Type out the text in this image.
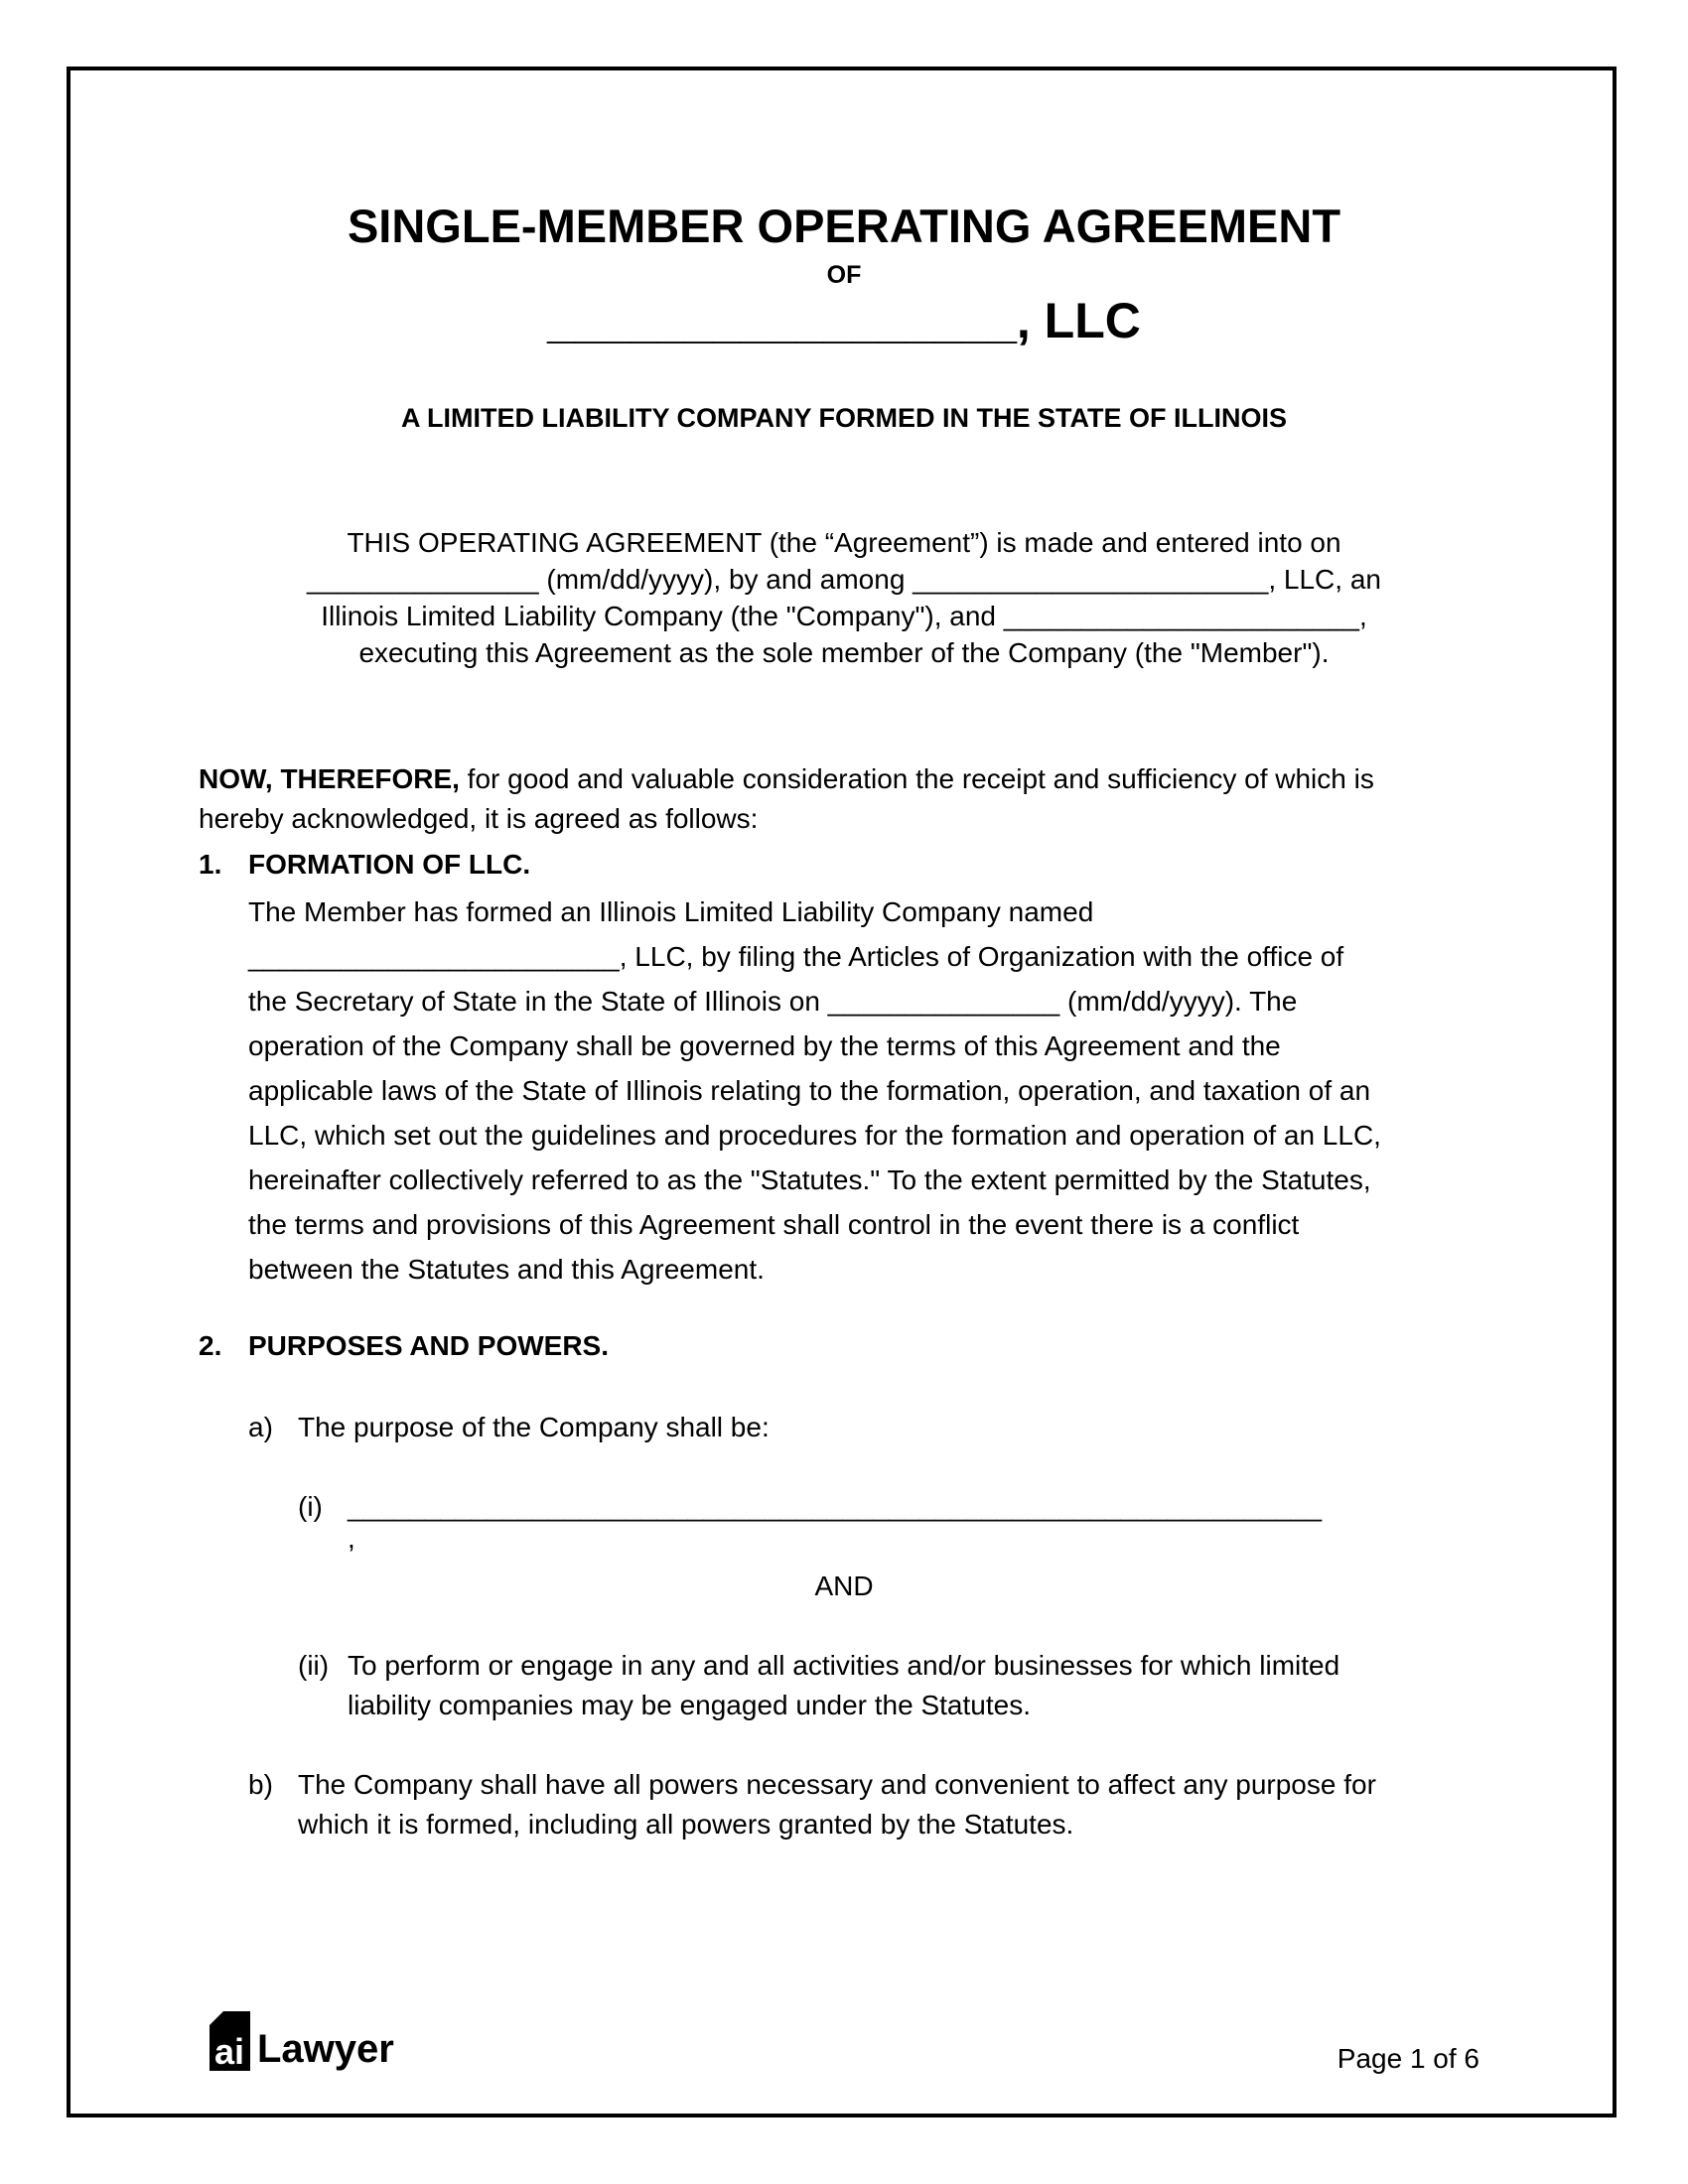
SINGLE-MEMBER OPERATING AGREEMENT
OF
_________________, LLC
A LIMITED LIABILITY COMPANY FORMED IN THE STATE OF ILLINOIS
THIS OPERATING AGREEMENT (the “Agreement”) is made and entered into on
_______________ (mm/dd/yyyy), by and among _______________________, LLC, an
Illinois Limited Liability Company (the "Company"), and _______________________,
executing this Agreement as the sole member of the Company (the "Member").
NOW, THEREFORE, for good and valuable consideration the receipt and sufficiency of which is
hereby acknowledged, it is agreed as follows:
1. FORMATION OF LLC.
The Member has formed an Illinois Limited Liability Company named
________________________, LLC, by filing the Articles of Organization with the office of
the Secretary of State in the State of Illinois on _______________ (mm/dd/yyyy). The
operation of the Company shall be governed by the terms of this Agreement and the
applicable laws of the State of Illinois relating to the formation, operation, and taxation of an
LLC, which set out the guidelines and procedures for the formation and operation of an LLC,
hereinafter collectively referred to as the "Statutes." To the extent permitted by the Statutes,
the terms and provisions of this Agreement shall control in the event there is a conflict
between the Statutes and this Agreement.
2. PURPOSES AND POWERS.
a) The purpose of the Company shall be:
(i) _______________________________________________________________
,
AND
(ii) To perform or engage in any and all activities and/or businesses for which limited
liability companies may be engaged under the Statutes.
b) The Company shall have all powers necessary and convenient to affect any purpose for
which it is formed, including all powers granted by the Statutes.
ai Lawyer	Page 1 of 6
